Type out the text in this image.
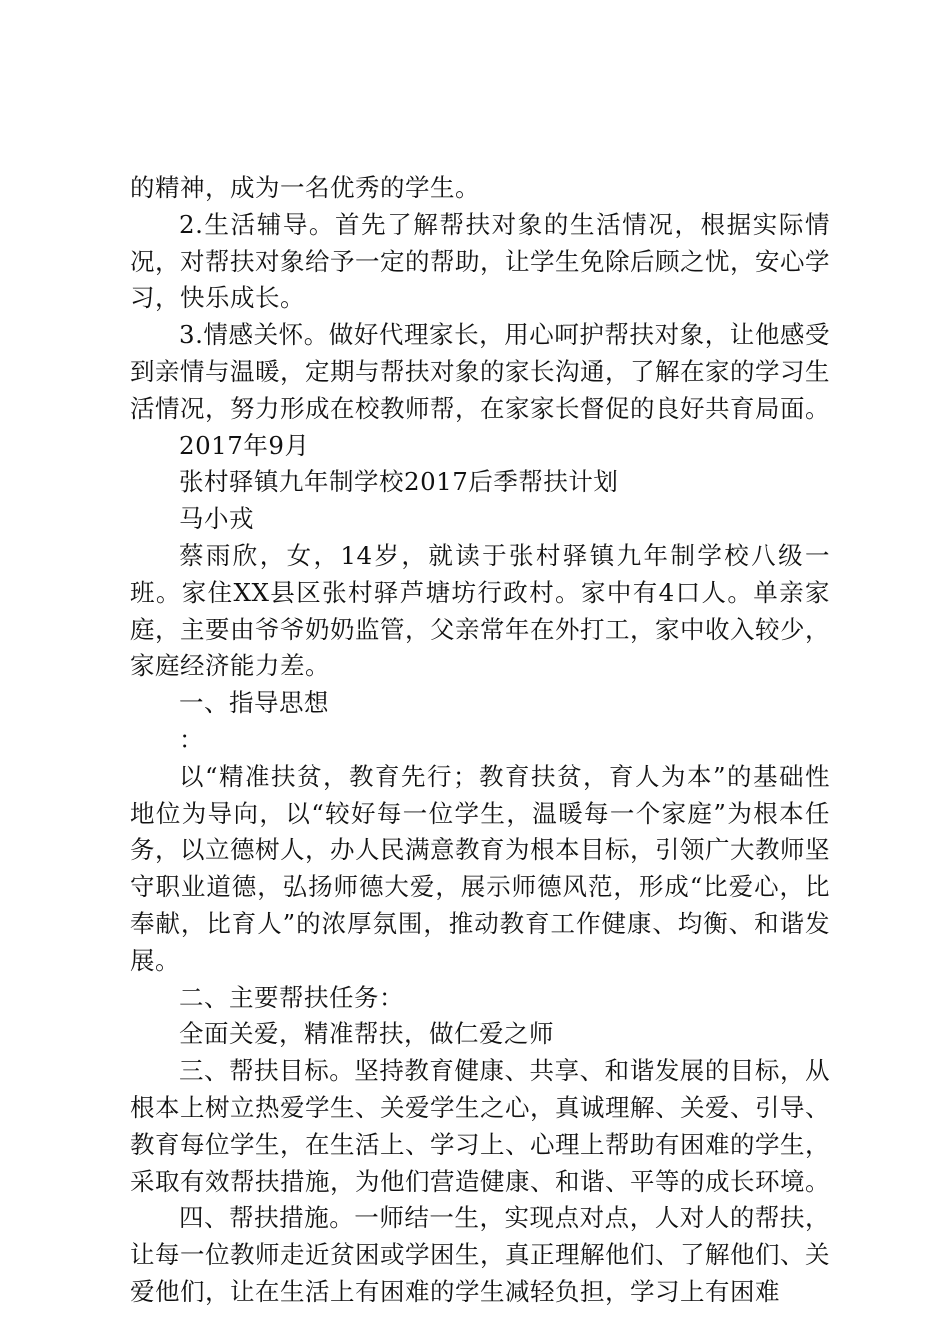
的精神，成为一名优秀的学生。

2.生活辅导。首先了解帮扶对象的生活情况，根据实际情况，对帮扶对象给予一定的帮助，让学生免除后顾之忧，安心学习，快乐成长。

3.情感关怀。做好代理家长，用心呵护帮扶对象，让他感受到亲情与温暖，定期与帮扶对象的家长沟通，了解在家的学习生活情况，努力形成在校教师帮，在家家长督促的良好共育局面。

2017年9月

张村驿镇九年制学校2017后季帮扶计划

马小戎

蔡雨欣，女，14岁，就读于张村驿镇九年制学校八级一班。家住XX县区张村驿芦塘坊行政村。家中有4口人。单亲家庭，主要由爷爷奶奶监管，父亲常年在外打工，家中收入较少，家庭经济能力差。

一、指导思想

：

以“精准扶贫，教育先行；教育扶贫，育人为本”的基础性地位为导向，以“较好每一位学生，温暖每一个家庭”为根本任务，以立德树人，办人民满意教育为根本目标，引领广大教师坚守职业道德，弘扬师德大爱，展示师德风范，形成“比爱心，比奉献，比育人”的浓厚氛围，推动教育工作健康、均衡、和谐发展。

二、主要帮扶任务：

全面关爱，精准帮扶，做仁爱之师

三、帮扶目标。坚持教育健康、共享、和谐发展的目标，从根本上树立热爱学生、关爱学生之心，真诚理解、关爱、引导、教育每位学生，在生活上、学习上、心理上帮助有困难的学生，采取有效帮扶措施，为他们营造健康、和谐、平等的成长环境。

四、帮扶措施。一师结一生，实现点对点，人对人的帮扶，让每一位教师走近贫困或学困生，真正理解他们、了解他们、关爱他们，让在生活上有困难的学生减轻负担，学习上有困难
